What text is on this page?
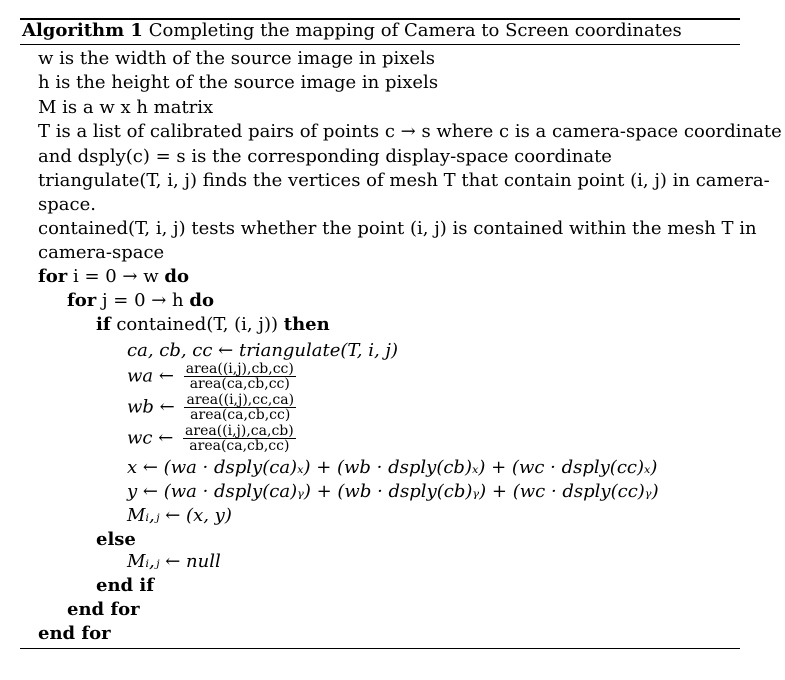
Algorithm 1 Completing the mapping of Camera to Screen coordinates
w is the width of the source image in pixels
h is the height of the source image in pixels
M is a w x h matrix
T is a list of calibrated pairs of points c → s where c is a camera-space coordinate
and dsply(c) = s is the corresponding display-space coordinate
triangulate(T, i, j) finds the vertices of mesh T that contain point (i, j) in camera-
space.
contained(T, i, j) tests whether the point (i, j) is contained within the mesh T in
camera-space
for i = 0 → w do
for j = 0 → h do
if contained(T, (i, j)) then
ca, cb, cc ← triangulate(T, i, j)
wa ← $\frac{\text{area((i,j),cb,cc)}}{\text{area(ca,cb,cc)}}$
wb ← $\frac{\text{area((i,j),cc,ca)}}{\text{area(ca,cb,cc)}}$
wc ← $\frac{\text{area((i,j),ca,cb)}}{\text{area(ca,cb,cc)}}$
x ← (wa · dsply(ca)ₓ) + (wb · dsply(cb)ₓ) + (wc · dsply(cc)ₓ)
y ← (wa · dsply(ca)ᵧ) + (wb · dsply(cb)ᵧ) + (wc · dsply(cc)ᵧ)
Mᵢ,ⱼ ← (x, y)
else
Mᵢ,ⱼ ← null
end if
end for
end for
